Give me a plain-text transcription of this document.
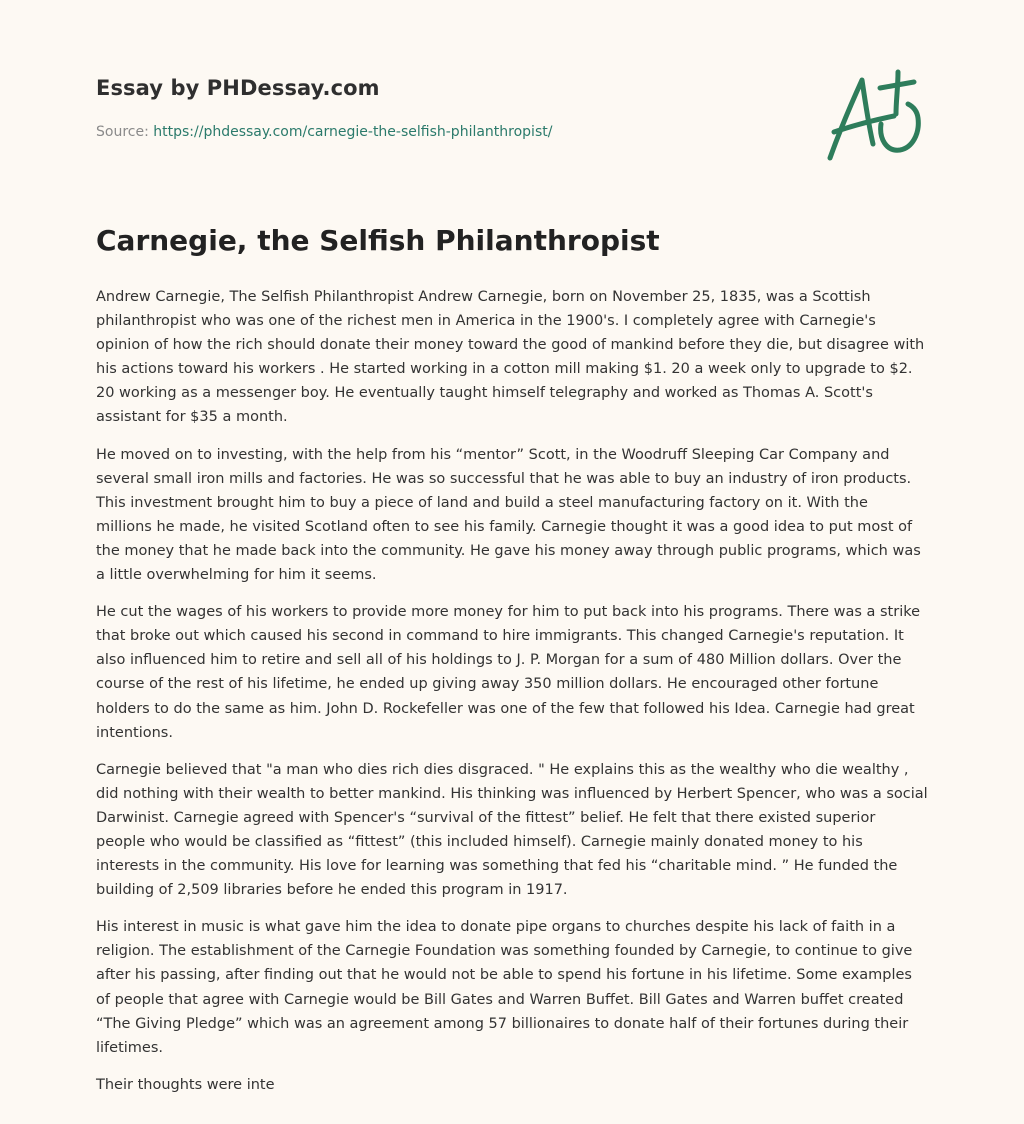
Essay by PHDessay.com
Source: https://phdessay.com/carnegie-the-selfish-philanthropist/
Carnegie, the Selfish Philanthropist

Andrew Carnegie, The Selfish Philanthropist Andrew Carnegie, born on November 25, 1835, was a Scottish philanthropist who was one of the richest men in America in the 1900's. I completely agree with Carnegie's opinion of how the rich should donate their money toward the good of mankind before they die, but disagree with his actions toward his workers . He started working in a cotton mill making $1. 20 a week only to upgrade to $2. 20 working as a messenger boy. He eventually taught himself telegraphy and worked as Thomas A. Scott's assistant for $35 a month.

He moved on to investing, with the help from his “mentor” Scott, in the Woodruff Sleeping Car Company and several small iron mills and factories. He was so successful that he was able to buy an industry of iron products. This investment brought him to buy a piece of land and build a steel manufacturing factory on it. With the millions he made, he visited Scotland often to see his family. Carnegie thought it was a good idea to put most of the money that he made back into the community. He gave his money away through public programs, which was a little overwhelming for him it seems.

He cut the wages of his workers to provide more money for him to put back into his programs. There was a strike that broke out which caused his second in command to hire immigrants. This changed Carnegie's reputation. It also influenced him to retire and sell all of his holdings to J. P. Morgan for a sum of 480 Million dollars. Over the course of the rest of his lifetime, he ended up giving away 350 million dollars. He encouraged other fortune holders to do the same as him. John D. Rockefeller was one of the few that followed his Idea. Carnegie had great intentions.

Carnegie believed that "a man who dies rich dies disgraced. " He explains this as the wealthy who die wealthy , did nothing with their wealth to better mankind. His thinking was influenced by Herbert Spencer, who was a social Darwinist. Carnegie agreed with Spencer's “survival of the fittest” belief. He felt that there existed superior people who would be classified as “fittest” (this included himself). Carnegie mainly donated money to his interests in the community. His love for learning was something that fed his “charitable mind. ” He funded the building of 2,509 libraries before he ended this program in 1917.

His interest in music is what gave him the idea to donate pipe organs to churches despite his lack of faith in a religion. The establishment of the Carnegie Foundation was something founded by Carnegie, to continue to give after his passing, after finding out that he would not be able to spend his fortune in his lifetime. Some examples of people that agree with Carnegie would be Bill Gates and Warren Buffet. Bill Gates and Warren buffet created “The Giving Pledge” which was an agreement among 57 billionaires to donate half of their fortunes during their lifetimes.

Their thoughts were inte
